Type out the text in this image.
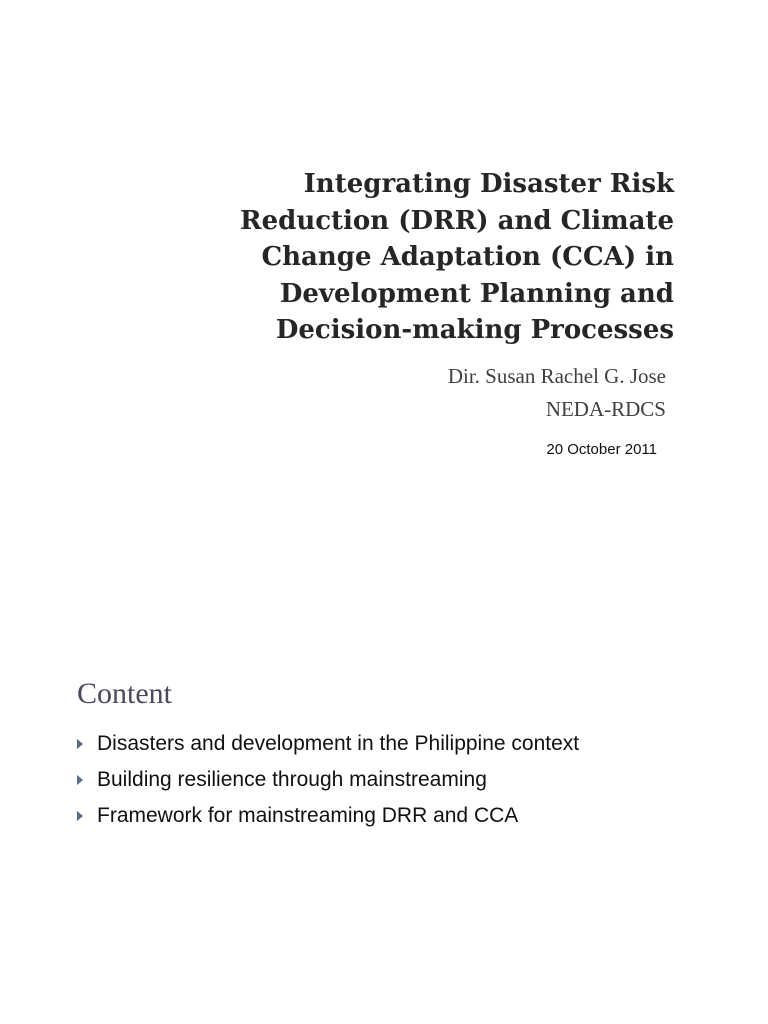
Integrating Disaster Risk
Reduction (DRR) and Climate
Change Adaptation (CCA) in
Development Planning and
Decision-making Processes
Dir. Susan Rachel G. Jose
NEDA-RDCS
20 October 2011
Content
Disasters and development in the Philippine context
Building resilience through mainstreaming
Framework for mainstreaming DRR and CCA
